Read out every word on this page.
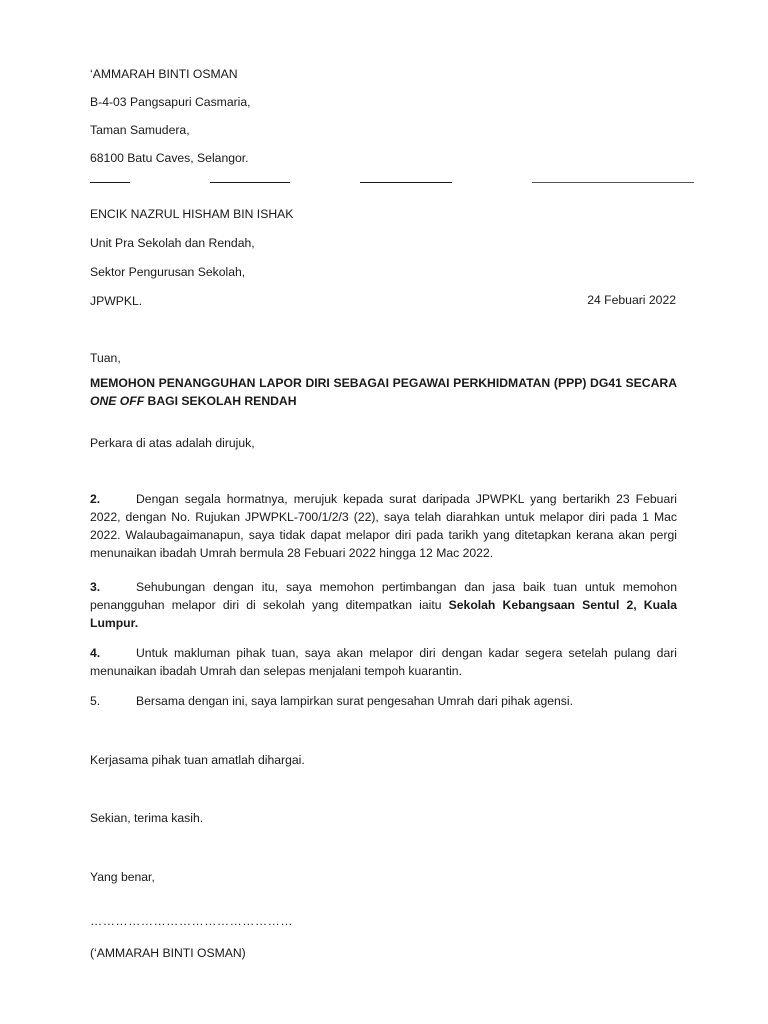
‘AMMARAH BINTI OSMAN
B-4-03 Pangsapuri Casmaria,
Taman Samudera,
68100 Batu Caves, Selangor.
ENCIK NAZRUL HISHAM BIN ISHAK
Unit Pra Sekolah dan Rendah,
Sektor Pengurusan Sekolah,
JPWPKL.	24 Febuari 2022
Tuan,
MEMOHON PENANGGUHAN LAPOR DIRI SEBAGAI PEGAWAI PERKHIDMATAN (PPP) DG41 SECARA
ONE OFF BAGI SEKOLAH RENDAH
Perkara di atas adalah dirujuk,
2.	Dengan segala hormatnya, merujuk kepada surat daripada JPWPKL yang bertarikh 23 Febuari 2022, dengan No. Rujukan JPWPKL-700/1/2/3 (22), saya telah diarahkan untuk melapor diri pada 1 Mac 2022. Walaubagaimanapun, saya tidak dapat melapor diri pada tarikh yang ditetapkan kerana akan pergi menunaikan ibadah Umrah bermula 28 Febuari 2022 hingga 12 Mac 2022.
3.	Sehubungan dengan itu, saya memohon pertimbangan dan jasa baik tuan untuk memohon penangguhan melapor diri di sekolah yang ditempatkan iaitu Sekolah Kebangsaan Sentul 2, Kuala Lumpur.
4.	Untuk makluman pihak tuan, saya akan melapor diri dengan kadar segera setelah pulang dari menunaikan ibadah Umrah dan selepas menjalani tempoh kuarantin.
5.	Bersama dengan ini, saya lampirkan surat pengesahan Umrah dari pihak agensi.
Kerjasama pihak tuan amatlah dihargai.
Sekian, terima kasih.
Yang benar,
…………………………………………
(‘AMMARAH BINTI OSMAN)
